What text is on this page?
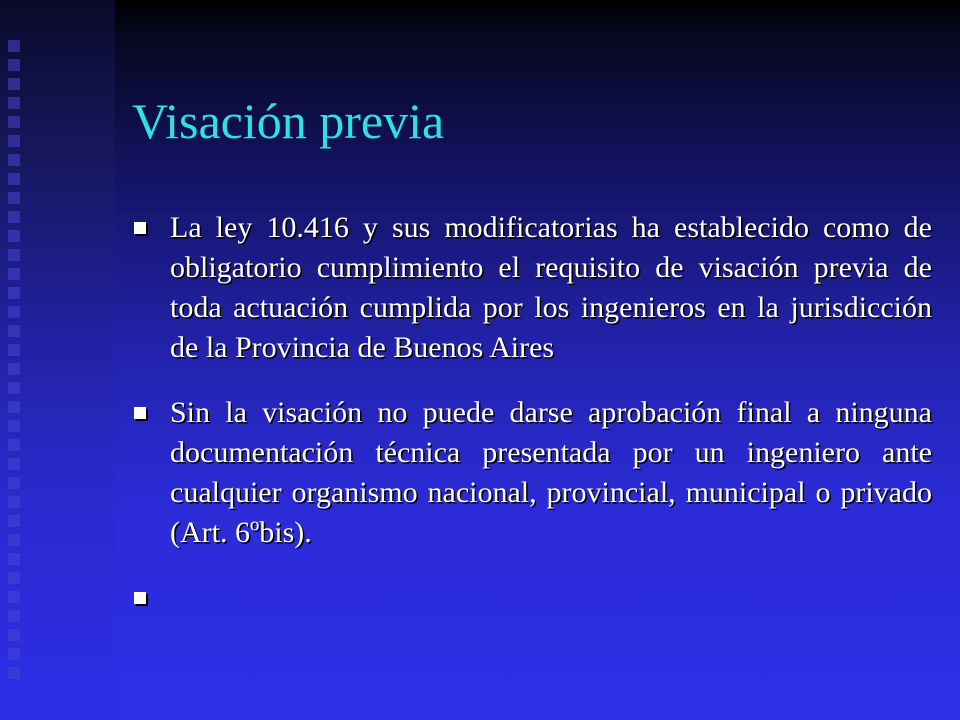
Visación previa
La ley 10.416 y sus modificatorias ha establecido como de obligatorio cumplimiento el requisito de visación previa de toda actuación cumplida por los ingenieros en la jurisdicción de la Provincia de Buenos Aires
Sin la visación no puede darse aprobación final a ninguna documentación técnica presentada por un ingeniero ante cualquier organismo nacional, provincial, municipal o privado (Art. 6ºbis).
